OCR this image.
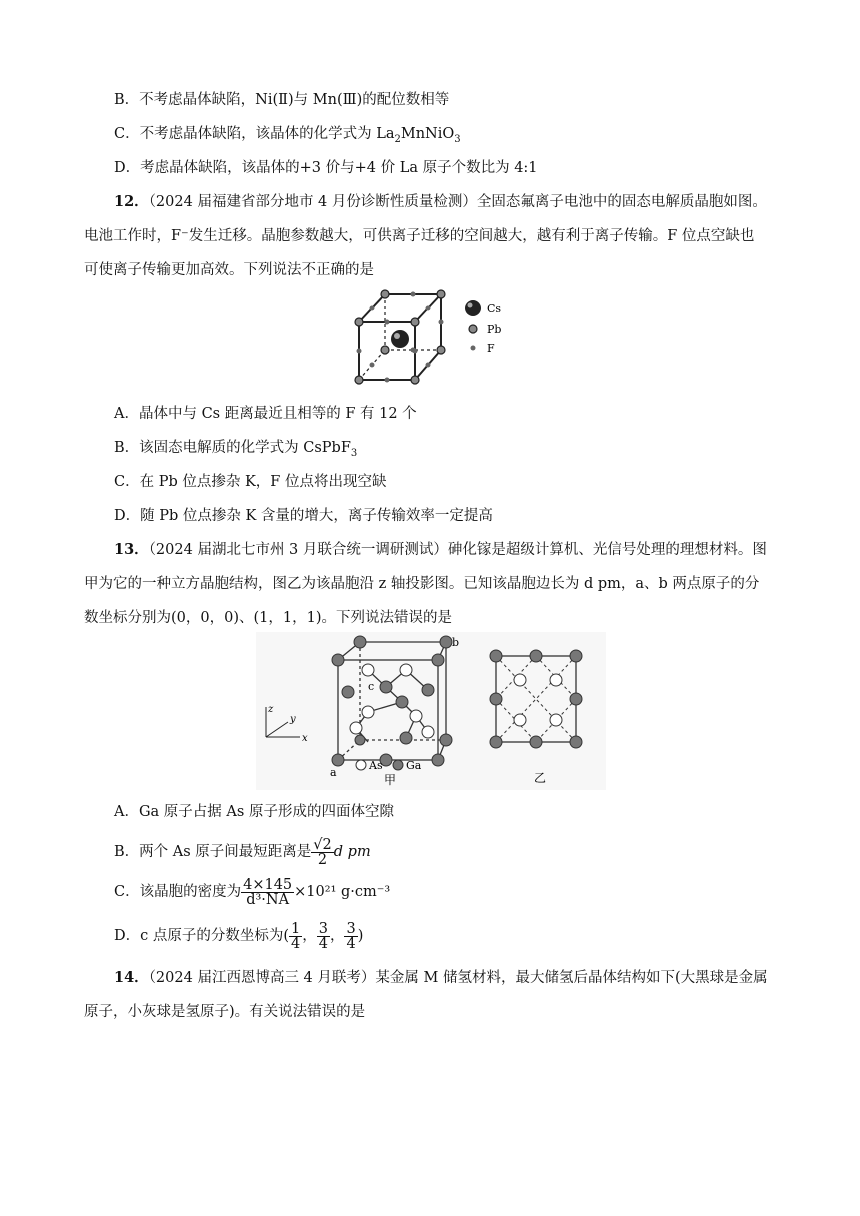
B．不考虑晶体缺陷，Ni(Ⅱ)与 Mn(Ⅲ)的配位数相等
C．不考虑晶体缺陷，该晶体的化学式为 $La_2MnNiO_3$
D．考虑晶体缺陷，该晶体的+3 价与+4 价 La 原子个数比为 4:1
12．（2024 届福建省部分地市 4 月份诊断性质量检测）全固态氟离子电池中的固态电解质晶胞如图。
电池工作时，F⁻发生迁移。晶胞参数越大，可供离子迁移的空间越大，越有利于离子传输。F 位点空缺也
可使离子传输更加高效。下列说法不正确的是
Cs
Pb
F
A．晶体中与 Cs 距离最近且相等的 F 有 12 个
B．该固态电解质的化学式为 CsPbF$_3$
C．在 Pb 位点掺杂 K，F 位点将出现空缺
D．随 Pb 位点掺杂 K 含量的增大，离子传输效率一定提高
13．（2024 届湖北七市州 3 月联合统一调研测试）砷化镓是超级计算机、光信号处理的理想材料。图
甲为它的一种立方晶胞结构，图乙为该晶胞沿 z 轴投影图。已知该晶胞边长为 d pm，a、b 两点原子的分
数坐标分别为(0，0，0)、(1，1，1)。下列说法错误的是
z
y
x
b
c
a
As Ga
甲	乙
A．Ga 原子占据 As 原子形成的四面体空隙
B．两个 As 原子间最短距离是 $\frac{√2}{2}$ d pm
C．该晶胞的密度为 $\frac{4\times 145}{\text{d³·NA}} \times 10^{21}$ g·cm⁻³
D．c 点原子的分数坐标为( $\frac{1}{4}$ ， $\frac{3}{4}$ ， $\frac{3}{4}$ )
14．（2024 届江西恩博高三 4 月联考）某金属 M 储氢材料，最大储氢后晶体结构如下(大黑球是金属
原子，小灰球是氢原子)。有关说法错误的是
